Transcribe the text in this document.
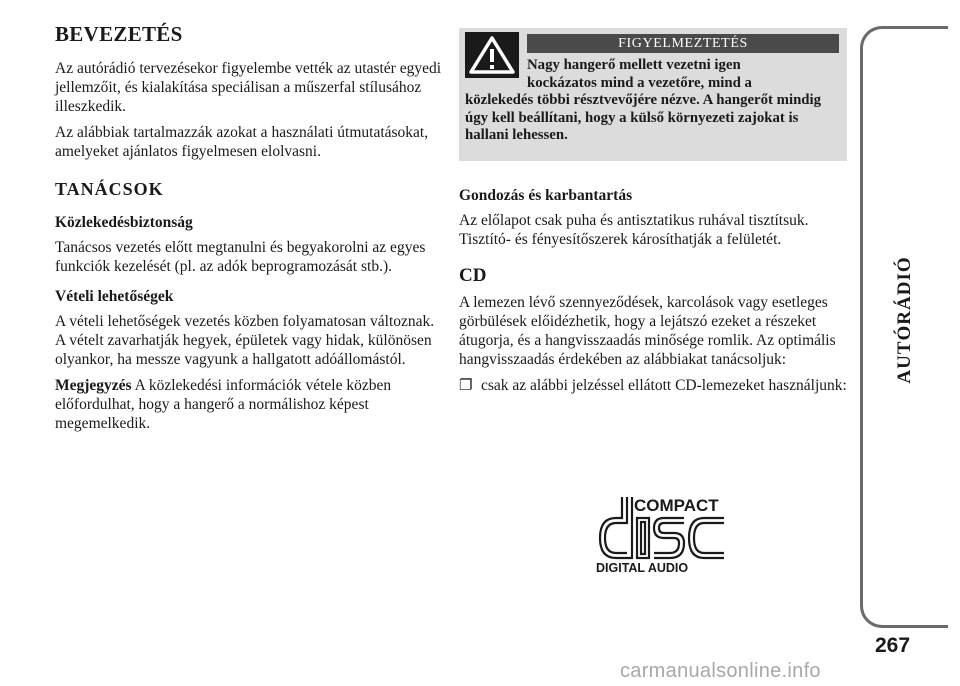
BEVEZETÉS

Az autórádió tervezésekor figyelembe vették az utastér egyedi jellemzőit, és kialakítása speciálisan a műszerfal stílusához illeszkedik.

Az alábbiak tartalmazzák azokat a használati útmutatásokat, amelyeket ajánlatos figyelmesen elolvasni.

TANÁCSOK
Közlekedésbiztonság

Tanácsos vezetés előtt megtanulni és begyakorolni az egyes funkciók kezelését (pl. az adók beprogramozását stb.).

Vételi lehetőségek

A vételi lehetőségek vezetés közben folyamatosan változnak. A vételt zavarhatják hegyek, épületek vagy hidak, különösen olyankor, ha messze vagyunk a hallgatott adóállomástól.

Megjegyzés A közlekedési információk vétele közben előfordulhat, hogy a hangerő a normálishoz képest megemelkedik.

FIGYELMEZTETÉS
Nagy hangerő mellett vezetni igen
kockázatos mind a vezetőre, mind a
közlekedés többi résztvevőjére nézve. A hangerőt mindig úgy kell beállítani, hogy a külső környezeti zajokat is hallani lehessen.
Gondozás és karbantartás

Az előlapot csak puha és antisztatikus ruhával tisztítsuk. Tisztító- és fényesítőszerek károsíthatják a felületét.

CD

A lemezen lévő szennyeződések, karcolások vagy esetleges görbülések előidézhetik, hogy a lejátszó ezeket a részeket átugorja, és a hangvisszaadás minősége romlik. Az optimális hangvisszaadás érdekében az alábbiakat tanácsoljuk:

❐ csak az alábbi jelzéssel ellátott CD-lemezeket használjunk:
COMPACT
DIGITAL AUDIO
AUTÓRÁDIÓ
267
carmanualsonline.info
